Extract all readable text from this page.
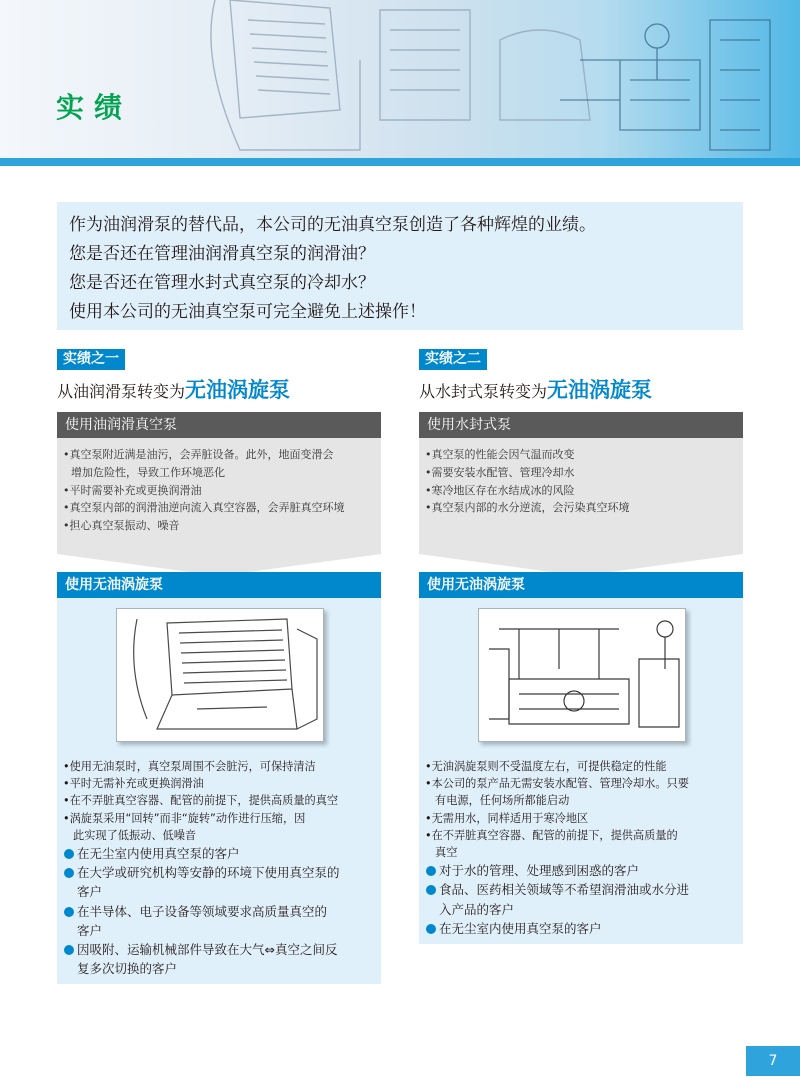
实绩

作为油润滑泵的替代品，本公司的无油真空泵创造了各种辉煌的业绩。

您是否还在管理油润滑真空泵的润滑油？

您是否还在管理水封式真空泵的冷却水？

使用本公司的无油真空泵可完全避免上述操作！

实绩之一
从油润滑泵转变为无油涡旋泵
使用油润滑真空泵
•真空泵附近满是油污，会弄脏设备。此外，地面变滑会
增加危险性，导致工作环境恶化
•平时需要补充或更换润滑油
•真空泵内部的润滑油逆向流入真空容器，会弄脏真空环境
•担心真空泵振动、噪音
使用无油涡旋泵
•使用无油泵时，真空泵周围不会脏污，可保持清洁
•平时无需补充或更换润滑油
•在不弄脏真空容器、配管的前提下，提供高质量的真空
•涡旋泵采用“回转”而非“旋转”动作进行压缩，因
此实现了低振动、低噪音
在无尘室内使用真空泵的客户
在大学或研究机构等安静的环境下使用真空泵的
客户
在半导体、电子设备等领域要求高质量真空的
客户
因吸附、运输机械部件导致在大气⇔真空之间反
复多次切换的客户
实绩之二
从水封式泵转变为无油涡旋泵
使用水封式泵
•真空泵的性能会因气温而改变
•需要安装水配管、管理冷却水
•寒冷地区存在水结成冰的风险
•真空泵内部的水分逆流，会污染真空环境
使用无油涡旋泵
•无油涡旋泵则不受温度左右，可提供稳定的性能
•本公司的泵产品无需安装水配管、管理冷却水。只要
有电源，任何场所都能启动
•无需用水，同样适用于寒冷地区
•在不弄脏真空容器、配管的前提下，提供高质量的
真空
对于水的管理、处理感到困惑的客户
食品、医药相关领域等不希望润滑油或水分进
入产品的客户
在无尘室内使用真空泵的客户
7
